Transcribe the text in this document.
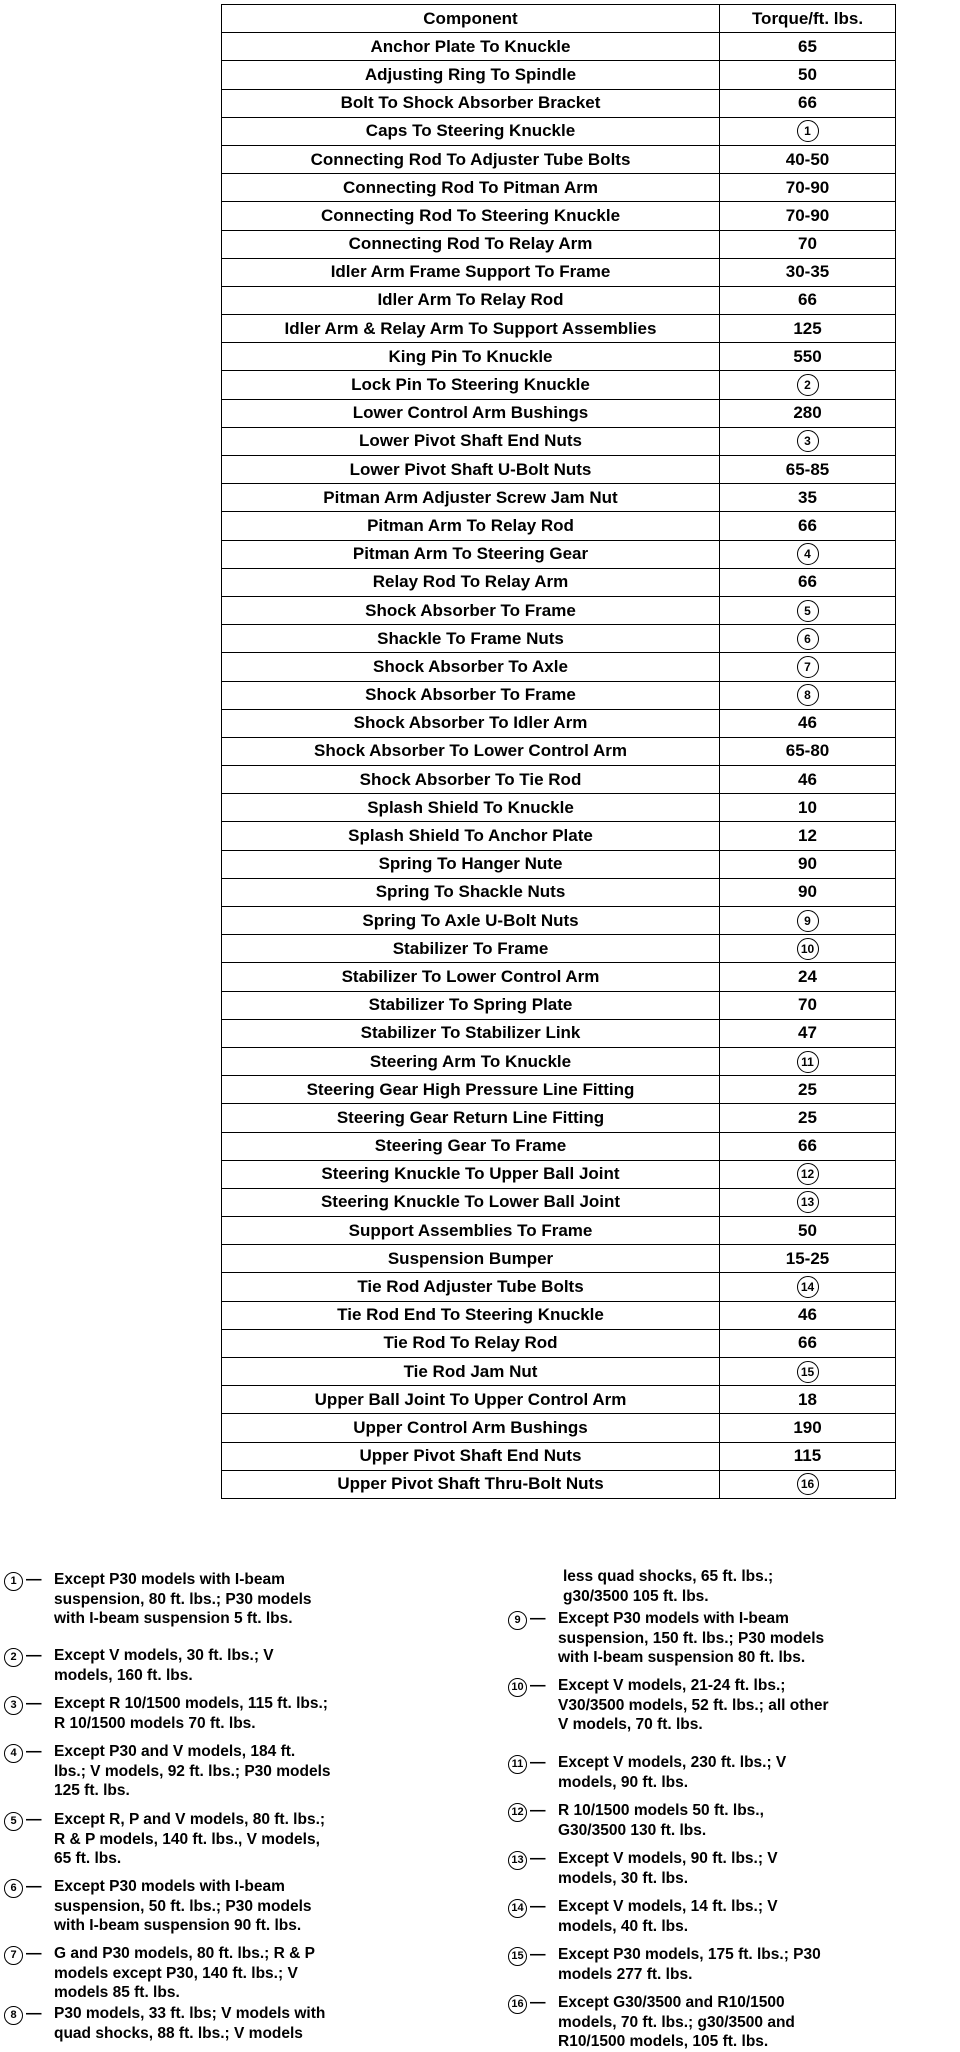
Component	Torque/ft. lbs.
Anchor Plate To Knuckle	65
Adjusting Ring To Spindle	50
Bolt To Shock Absorber Bracket	66
Caps To Steering Knuckle	1
Connecting Rod To Adjuster Tube Bolts	40-50
Connecting Rod To Pitman Arm	70-90
Connecting Rod To Steering Knuckle	70-90
Connecting Rod To Relay Arm	70
Idler Arm Frame Support To Frame	30-35
Idler Arm To Relay Rod	66
Idler Arm & Relay Arm To Support Assemblies	125
King Pin To Knuckle	550
Lock Pin To Steering Knuckle	2
Lower Control Arm Bushings	280
Lower Pivot Shaft End Nuts	3
Lower Pivot Shaft U-Bolt Nuts	65-85
Pitman Arm Adjuster Screw Jam Nut	35
Pitman Arm To Relay Rod	66
Pitman Arm To Steering Gear	4
Relay Rod To Relay Arm	66
Shock Absorber To Frame	5
Shackle To Frame Nuts	6
Shock Absorber To Axle	7
Shock Absorber To Frame	8
Shock Absorber To Idler Arm	46
Shock Absorber To Lower Control Arm	65-80
Shock Absorber To Tie Rod	46
Splash Shield To Knuckle	10
Splash Shield To Anchor Plate	12
Spring To Hanger Nute	90
Spring To Shackle Nuts	90
Spring To Axle U-Bolt Nuts	9
Stabilizer To Frame	10
Stabilizer To Lower Control Arm	24
Stabilizer To Spring Plate	70
Stabilizer To Stabilizer Link	47
Steering Arm To Knuckle	11
Steering Gear High Pressure Line Fitting	25
Steering Gear Return Line Fitting	25
Steering Gear To Frame	66
Steering Knuckle To Upper Ball Joint	12
Steering Knuckle To Lower Ball Joint	13
Support Assemblies To Frame	50
Suspension Bumper	15-25
Tie Rod Adjuster Tube Bolts	14
Tie Rod End To Steering Knuckle	46
Tie Rod To Relay Rod	66
Tie Rod Jam Nut	15
Upper Ball Joint To Upper Control Arm	18
Upper Control Arm Bushings	190
Upper Pivot Shaft End Nuts	115
Upper Pivot Shaft Thru-Bolt Nuts	16
1 — Except P30 models with I-beam
suspension, 80 ft. lbs.; P30 models
with I-beam suspension 5 ft. lbs.
2 — Except V models, 30 ft. lbs.; V
models, 160 ft. lbs.
3 — Except R 10/1500 models, 115 ft. lbs.;
R 10/1500 models 70 ft. lbs.
4 — Except P30 and V models, 184 ft.
lbs.; V models, 92 ft. lbs.; P30 models
125 ft. lbs.
5 — Except R, P and V models, 80 ft. lbs.;
R & P models, 140 ft. lbs., V models,
65 ft. lbs.
6 — Except P30 models with I-beam
suspension, 50 ft. lbs.; P30 models
with I-beam suspension 90 ft. lbs.
7 — G and P30 models, 80 ft. lbs.; R & P
models except P30, 140 ft. lbs.; V
models 85 ft. lbs.
8 — P30 models, 33 ft. lbs; V models with
quad shocks, 88 ft. lbs.; V models
less quad shocks, 65 ft. lbs.;
g30/3500 105 ft. lbs.
9 — Except P30 models with I-beam
suspension, 150 ft. lbs.; P30 models
with I-beam suspension 80 ft. lbs.
10 — Except V models, 21-24 ft. lbs.;
V30/3500 models, 52 ft. lbs.; all other
V models, 70 ft. lbs.
11 — Except V models, 230 ft. lbs.; V
models, 90 ft. lbs.
12 — R 10/1500 models 50 ft. lbs.,
G30/3500 130 ft. lbs.
13 — Except V models, 90 ft. lbs.; V
models, 30 ft. lbs.
14 — Except V models, 14 ft. lbs.; V
models, 40 ft. lbs.
15 — Except P30 models, 175 ft. lbs.; P30
models 277 ft. lbs.
16 — Except G30/3500 and R10/1500
models, 70 ft. lbs.; g30/3500 and
R10/1500 models, 105 ft. lbs.
